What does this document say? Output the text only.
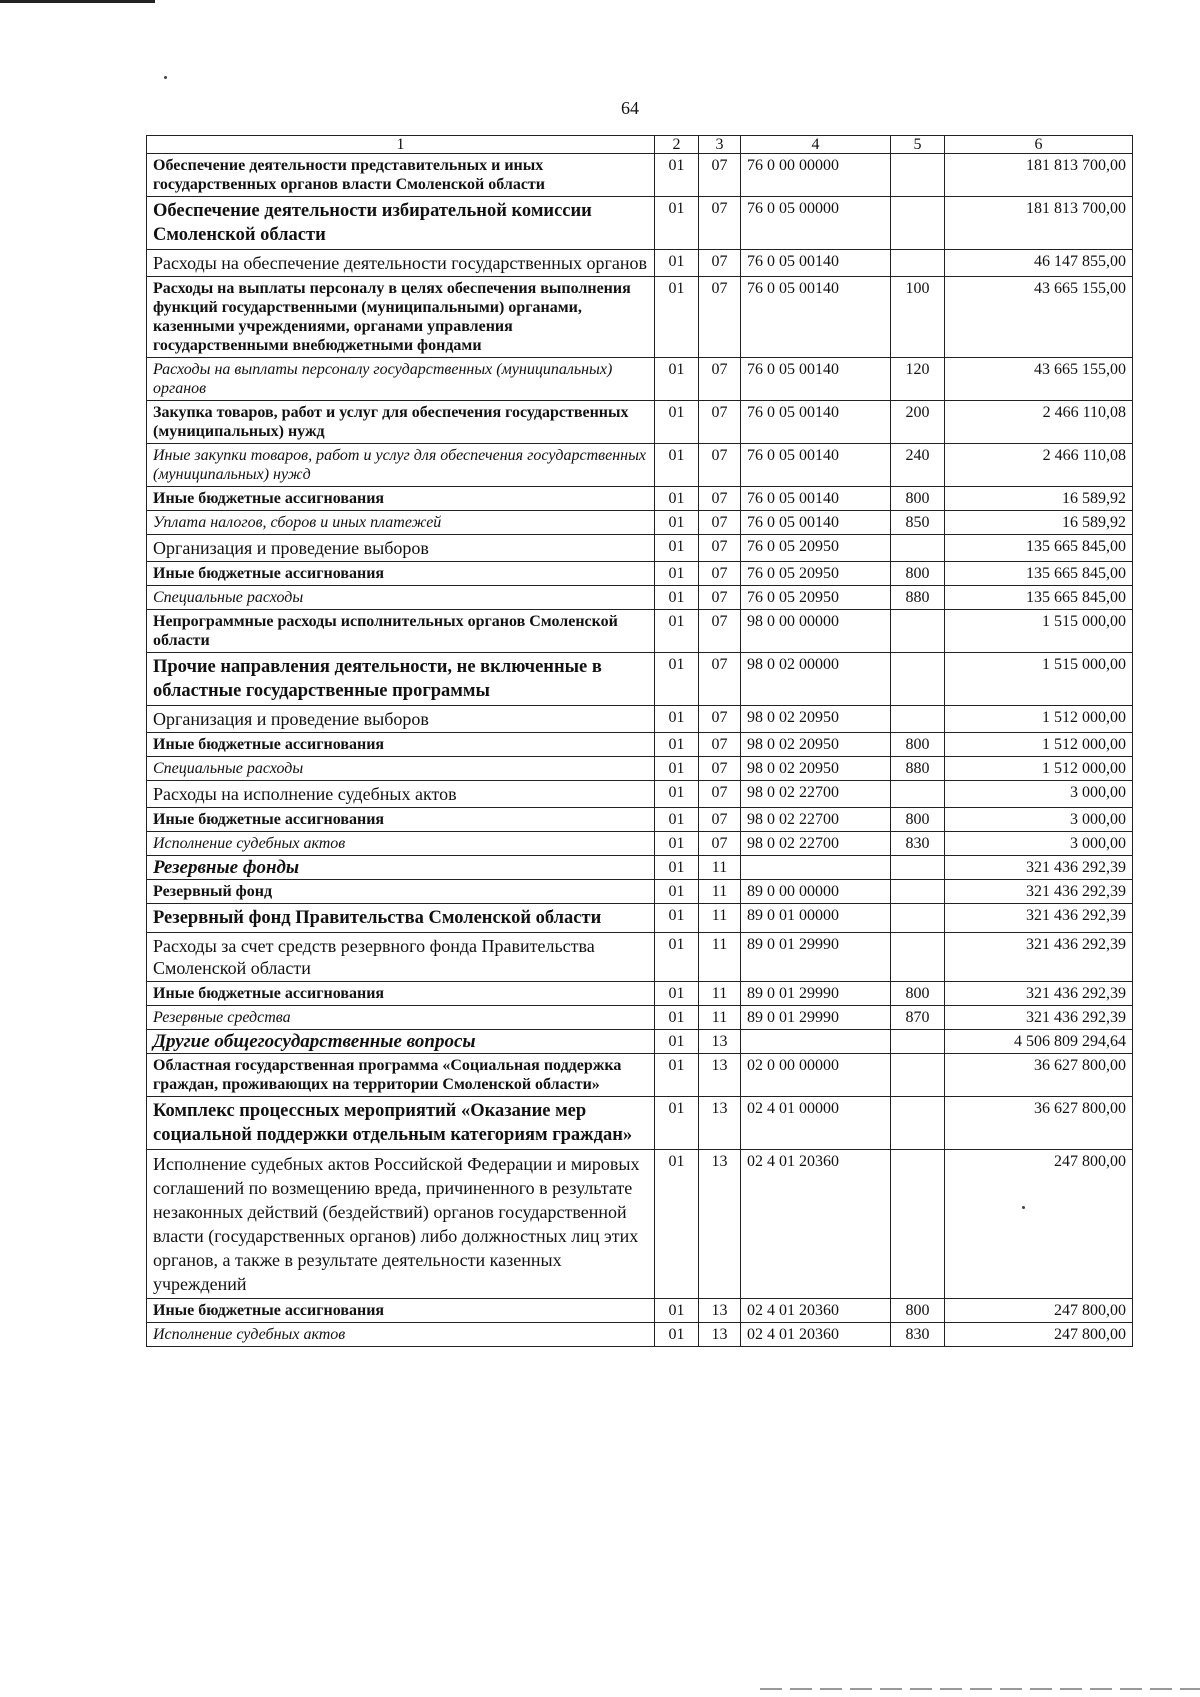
64
1	2	3	4	5	6
Обеспечение деятельности представительных и иных государственных органов власти Смоленской области	01	07	76 0 00 00000		181 813 700,00
Обеспечение деятельности избирательной комиссии Смоленской области	01	07	76 0 05 00000		181 813 700,00
Расходы на обеспечение деятельности государственных органов	01	07	76 0 05 00140		46 147 855,00
Расходы на выплаты персоналу в целях обеспечения выполнения функций государственными (муниципальными) органами, казенными учреждениями, органами управления государственными внебюджетными фондами	01	07	76 0 05 00140	100	43 665 155,00
Расходы на выплаты персоналу государственных (муниципальных) органов	01	07	76 0 05 00140	120	43 665 155,00
Закупка товаров, работ и услуг для обеспечения государственных (муниципальных) нужд	01	07	76 0 05 00140	200	2 466 110,08
Иные закупки товаров, работ и услуг для обеспечения государственных (муниципальных) нужд	01	07	76 0 05 00140	240	2 466 110,08
Иные бюджетные ассигнования	01	07	76 0 05 00140	800	16 589,92
Уплата налогов, сборов и иных платежей	01	07	76 0 05 00140	850	16 589,92
Организация и проведение выборов	01	07	76 0 05 20950		135 665 845,00
Иные бюджетные ассигнования	01	07	76 0 05 20950	800	135 665 845,00
Специальные расходы	01	07	76 0 05 20950	880	135 665 845,00
Непрограммные расходы исполнительных органов Смоленской области	01	07	98 0 00 00000		1 515 000,00
Прочие направления деятельности, не включенные в областные государственные программы	01	07	98 0 02 00000		1 515 000,00
Организация и проведение выборов	01	07	98 0 02 20950		1 512 000,00
Иные бюджетные ассигнования	01	07	98 0 02 20950	800	1 512 000,00
Специальные расходы	01	07	98 0 02 20950	880	1 512 000,00
Расходы на исполнение судебных актов	01	07	98 0 02 22700		3 000,00
Иные бюджетные ассигнования	01	07	98 0 02 22700	800	3 000,00
Исполнение судебных актов	01	07	98 0 02 22700	830	3 000,00
Резервные фонды	01	11			321 436 292,39
Резервный фонд	01	11	89 0 00 00000		321 436 292,39
Резервный фонд Правительства Смоленской области	01	11	89 0 01 00000		321 436 292,39
Расходы за счет средств резервного фонда Правительства Смоленской области	01	11	89 0 01 29990		321 436 292,39
Иные бюджетные ассигнования	01	11	89 0 01 29990	800	321 436 292,39
Резервные средства	01	11	89 0 01 29990	870	321 436 292,39
Другие общегосударственные вопросы	01	13			4 506 809 294,64
Областная государственная программа «Социальная поддержка граждан, проживающих на территории Смоленской области»	01	13	02 0 00 00000		36 627 800,00
Комплекс процессных мероприятий «Оказание мер социальной поддержки отдельным категориям граждан»	01	13	02 4 01 00000		36 627 800,00
Исполнение судебных актов Российской Федерации и мировых соглашений по возмещению вреда, причиненного в результате незаконных действий (бездействий) органов государственной власти (государственных органов) либо должностных лиц этих органов, а также в результате деятельности казенных учреждений	01	13	02 4 01 20360		247 800,00
Иные бюджетные ассигнования	01	13	02 4 01 20360	800	247 800,00
Исполнение судебных актов	01	13	02 4 01 20360	830	247 800,00
